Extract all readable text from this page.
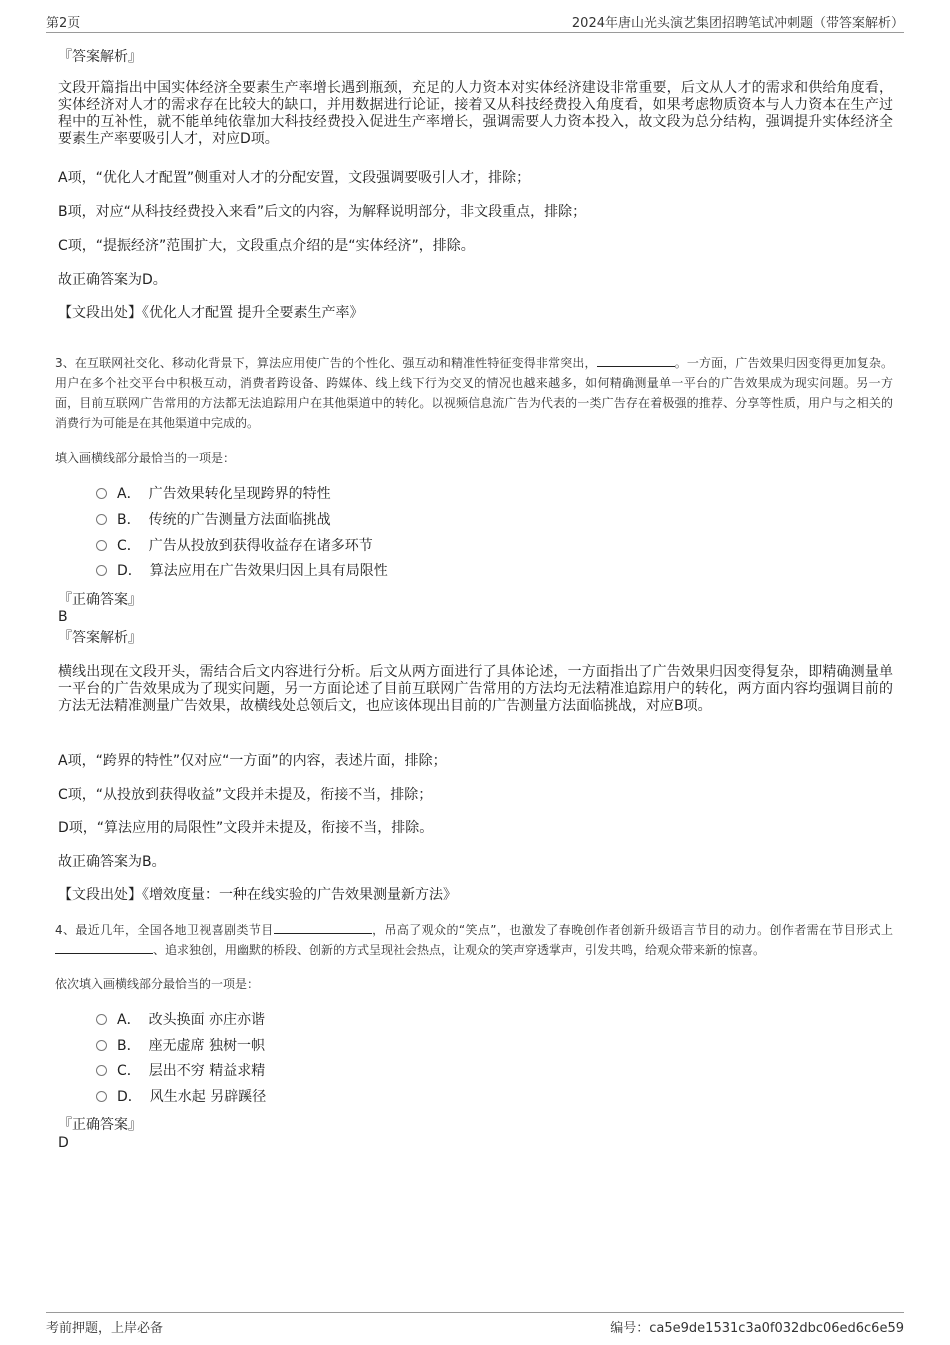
第2页	2024年唐山光头演艺集团招聘笔试冲刺题（带答案解析）
『答案解析』
文段开篇指出中国实体经济全要素生产率增长遇到瓶颈，充足的人力资本对实体经济建设非常重要，后文从人才的需求和供给角度看，实体经济对人才的需求存在比较大的缺口，并用数据进行论证，接着又从科技经费投入角度看，如果考虑物质资本与人力资本在生产过程中的互补性，就不能单纯依靠加大科技经费投入促进生产率增长，强调需要人力资本投入，故文段为总分结构，强调提升实体经济全要素生产率要吸引人才，对应D项。
A项，“优化人才配置”侧重对人才的分配安置，文段强调要吸引人才，排除；
B项，对应“从科技经费投入来看”后文的内容，为解释说明部分，非文段重点，排除；
C项，“提振经济”范围扩大，文段重点介绍的是“实体经济”，排除。
故正确答案为D。
【文段出处】《优化人才配置 提升全要素生产率》
3、在互联网社交化、移动化背景下，算法应用使广告的个性化、强互动和精准性特征变得非常突出，	。一方面，广告效果归因变得更加复杂。用户在多个社交平台中积极互动，消费者跨设备、跨媒体、线上线下行为交叉的情况也越来越多，如何精确测量单一平台的广告效果成为现实问题。另一方面，目前互联网广告常用的方法都无法追踪用户在其他渠道中的转化。以视频信息流广告为代表的一类广告存在着极强的推荐、分享等性质，用户与之相关的消费行为可能是在其他渠道中完成的。
填入画横线部分最恰当的一项是：
A． 广告效果转化呈现跨界的特性
B． 传统的广告测量方法面临挑战
C． 广告从投放到获得收益存在诸多环节
D． 算法应用在广告效果归因上具有局限性
『正确答案』
B
『答案解析』
横线出现在文段开头，需结合后文内容进行分析。后文从两方面进行了具体论述，一方面指出了广告效果归因变得复杂，即精确测量单一平台的广告效果成为了现实问题，另一方面论述了目前互联网广告常用的方法均无法精准追踪用户的转化，两方面内容均强调目前的方法无法精准测量广告效果，故横线处总领后文，也应该体现出目前的广告测量方法面临挑战，对应B项。
A项，“跨界的特性”仅对应“一方面”的内容，表述片面，排除；
C项，“从投放到获得收益”文段并未提及，衔接不当，排除；
D项，“算法应用的局限性”文段并未提及，衔接不当，排除。
故正确答案为B。
【文段出处】《增效度量：一种在线实验的广告效果测量新方法》
4、最近几年，全国各地卫视喜剧类节目	，吊高了观众的“笑点”，也激发了春晚创作者创新升级语言节目的动力。创作者需在节目形式上、追求独创，用幽默的桥段、创新的方式呈现社会热点，让观众的笑声穿透掌声，引发共鸣，给观众带来新的惊喜。
依次填入画横线部分最恰当的一项是：
A． 改头换面 亦庄亦谐
B． 座无虚席 独树一帜
C． 层出不穷 精益求精
D． 风生水起 另辟蹊径
『正确答案』
D
考前押题，上岸必备	编号：ca5e9de1531c3a0f032dbc06ed6c6e59
